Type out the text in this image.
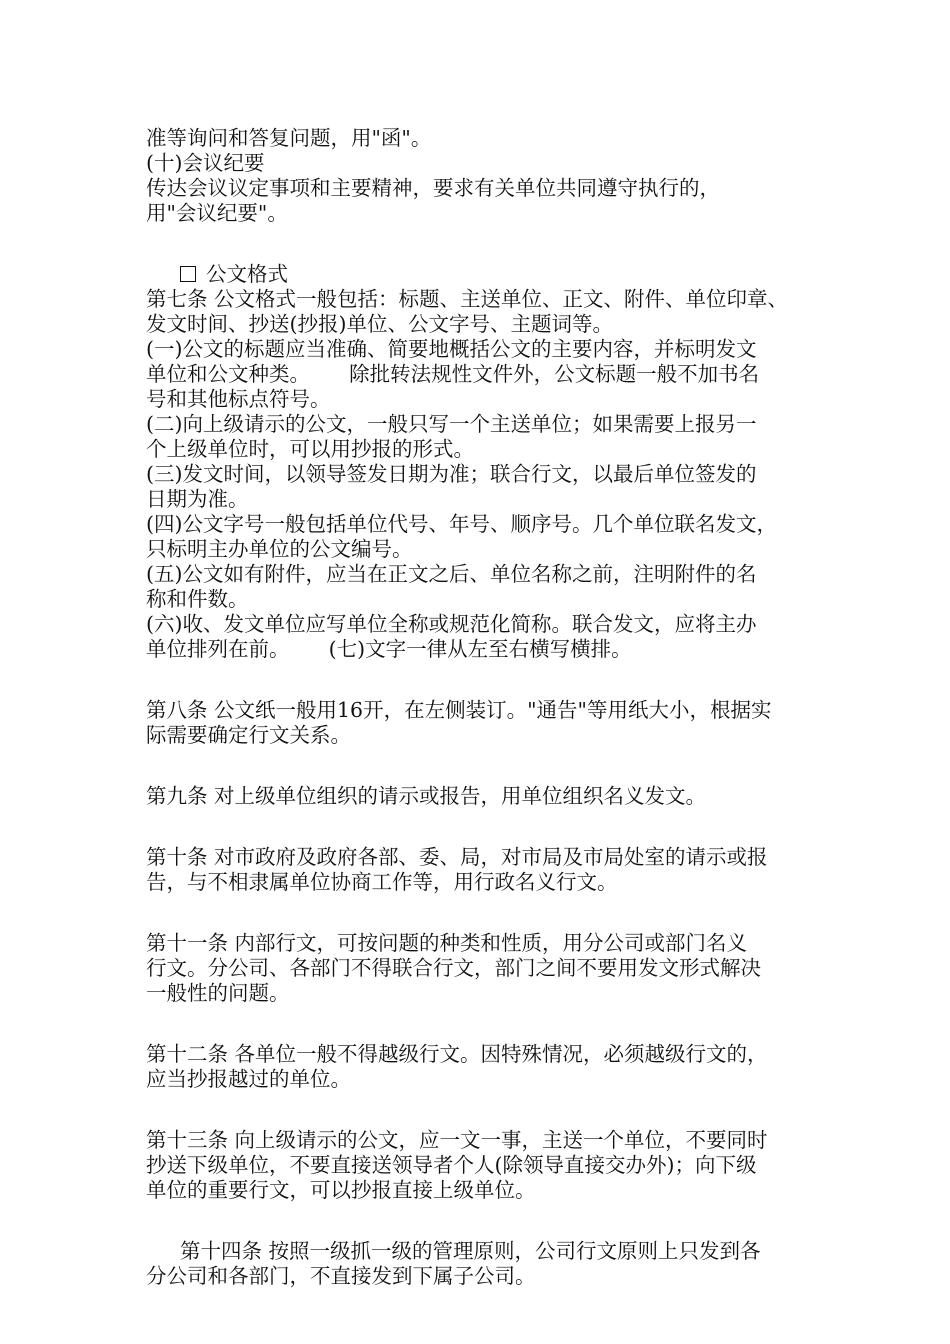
准等询问和答复问题，用"函"。
(十)会议纪要
传达会议议定事项和主要精神，要求有关单位共同遵守执行的，
用"会议纪要"。
公文格式
第七条 公文格式一般包括：标题、主送单位、正文、附件、单位印章、
发文时间、抄送(抄报)单位、公文字号、主题词等。
(一)公文的标题应当准确、简要地概括公文的主要内容，并标明发文
单位和公文种类。      除批转法规性文件外，公文标题一般不加书名
号和其他标点符号。
(二)向上级请示的公文，一般只写一个主送单位；如果需要上报另一
个上级单位时，可以用抄报的形式。
(三)发文时间，以领导签发日期为准；联合行文，以最后单位签发的
日期为准。
(四)公文字号一般包括单位代号、年号、顺序号。几个单位联名发文，
只标明主办单位的公文编号。
(五)公文如有附件，应当在正文之后、单位名称之前，注明附件的名
称和件数。
(六)收、发文单位应写单位全称或规范化简称。联合发文，应将主办
单位排列在前。      (七)文字一律从左至右横写横排。
第八条 公文纸一般用16开，在左侧装订。"通告"等用纸大小，根据实
际需要确定行文关系。
第九条 对上级单位组织的请示或报告，用单位组织名义发文。
第十条 对市政府及政府各部、委、局，对市局及市局处室的请示或报
告，与不相隶属单位协商工作等，用行政名义行文。
第十一条 内部行文，可按问题的种类和性质，用分公司或部门名义
行文。分公司、各部门不得联合行文，部门之间不要用发文形式解决
一般性的问题。
第十二条 各单位一般不得越级行文。因特殊情况，必须越级行文的，
应当抄报越过的单位。
第十三条 向上级请示的公文，应一文一事，主送一个单位，不要同时
抄送下级单位，不要直接送领导者个人(除领导直接交办外)；向下级
单位的重要行文，可以抄报直接上级单位。
第十四条 按照一级抓一级的管理原则，公司行文原则上只发到各
分公司和各部门，不直接发到下属子公司。
